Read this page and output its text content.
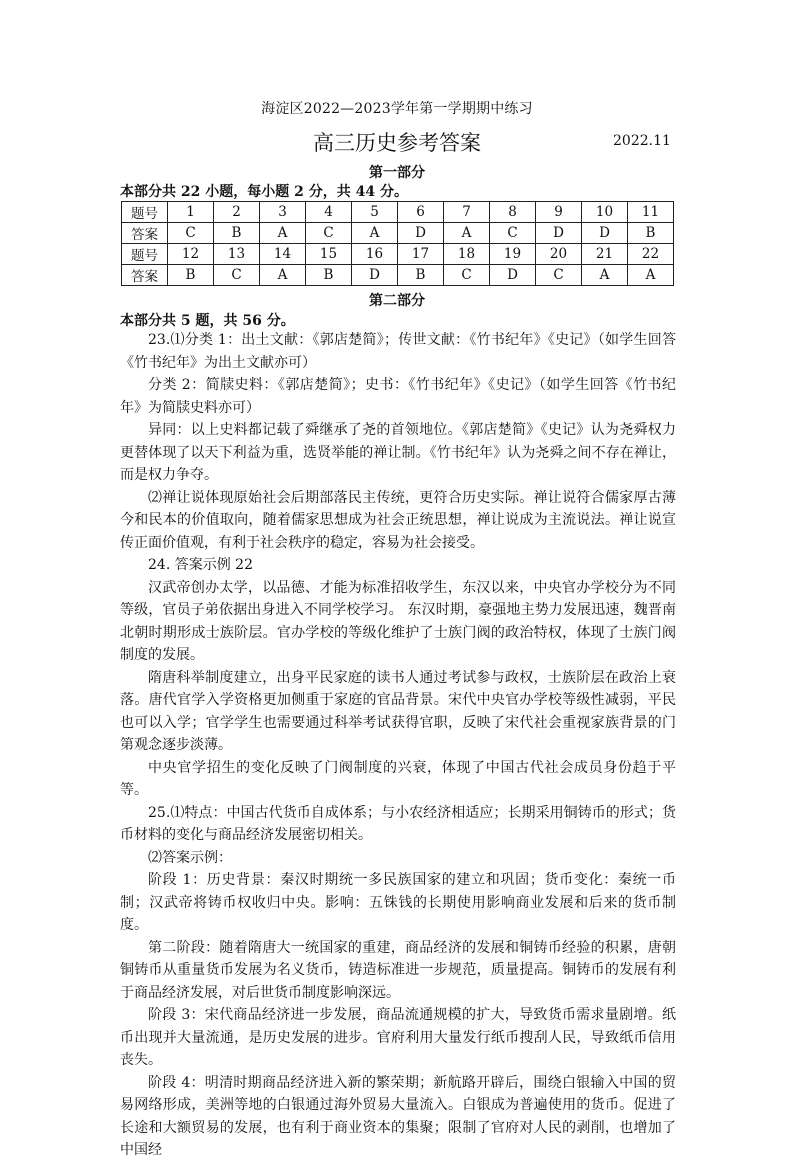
海淀区2022—2023学年第一学期期中练习
高三历史参考答案	2022.11
第一部分
本部分共 22 小题，每小题 2 分，共 44 分。
题号	1	2	3	4	5	6	7	8	9	10	11
答案	C	B	A	C	A	D	A	C	D	D	B
题号	12	13	14	15	16	17	18	19	20	21	22
答案	B	C	A	B	D	B	C	D	C	A	A
第二部分
本部分共 5 题，共 56 分。

23.⑴分类 1：出土文献：《郭店楚简》；传世文献：《竹书纪年》《史记》（如学生回答《竹书纪年》为出土文献亦可）

分类 2：简牍史料：《郭店楚简》；史书：《竹书纪年》《史记》（如学生回答《竹书纪年》为简牍史料亦可）

异同：以上史料都记载了舜继承了尧的首领地位。《郭店楚简》《史记》认为尧舜权力更替体现了以天下利益为重，选贤举能的禅让制。《竹书纪年》认为尧舜之间不存在禅让，而是权力争夺。

⑵禅让说体现原始社会后期部落民主传统，更符合历史实际。禅让说符合儒家厚古薄今和民本的价值取向，随着儒家思想成为社会正统思想，禅让说成为主流说法。禅让说宣传正面价值观，有利于社会秩序的稳定，容易为社会接受。

24. 答案示例 22

汉武帝创办太学，以品德、才能为标准招收学生，东汉以来，中央官办学校分为不同等级，官员子弟依据出身进入不同学校学习。 东汉时期，豪强地主势力发展迅速，魏晋南北朝时期形成士族阶层。官办学校的等级化维护了士族门阀的政治特权，体现了士族门阀制度的发展。

隋唐科举制度建立，出身平民家庭的读书人通过考试参与政权，士族阶层在政治上衰落。唐代官学入学资格更加侧重于家庭的官品背景。宋代中央官办学校等级性减弱，平民也可以入学；官学学生也需要通过科举考试获得官职，反映了宋代社会重视家族背景的门第观念逐步淡薄。

中央官学招生的变化反映了门阀制度的兴衰，体现了中国古代社会成员身份趋于平等。

25.⑴特点：中国古代货币自成体系；与小农经济相适应；长期采用铜铸币的形式；货币材料的变化与商品经济发展密切相关。

⑵答案示例：

阶段 1：历史背景：秦汉时期统一多民族国家的建立和巩固；货币变化：秦统一币制；汉武帝将铸币权收归中央。影响：五铢钱的长期使用影响商业发展和后来的货币制度。

第二阶段：随着隋唐大一统国家的重建，商品经济的发展和铜铸币经验的积累，唐朝铜铸币从重量货币发展为名义货币，铸造标准进一步规范，质量提高。铜铸币的发展有利于商品经济发展，对后世货币制度影响深远。

阶段 3：宋代商品经济进一步发展，商品流通规模的扩大，导致货币需求量剧增。纸币出现并大量流通，是历史发展的进步。官府利用大量发行纸币搜刮人民，导致纸币信用丧失。

阶段 4：明清时期商品经济进入新的繁荣期；新航路开辟后，围绕白银输入中国的贸易网络形成，美洲等地的白银通过海外贸易大量流入。白银成为普遍使用的货币。促进了长途和大额贸易的发展，也有利于商业资本的集聚；限制了官府对人民的剥削，也增加了中国经
